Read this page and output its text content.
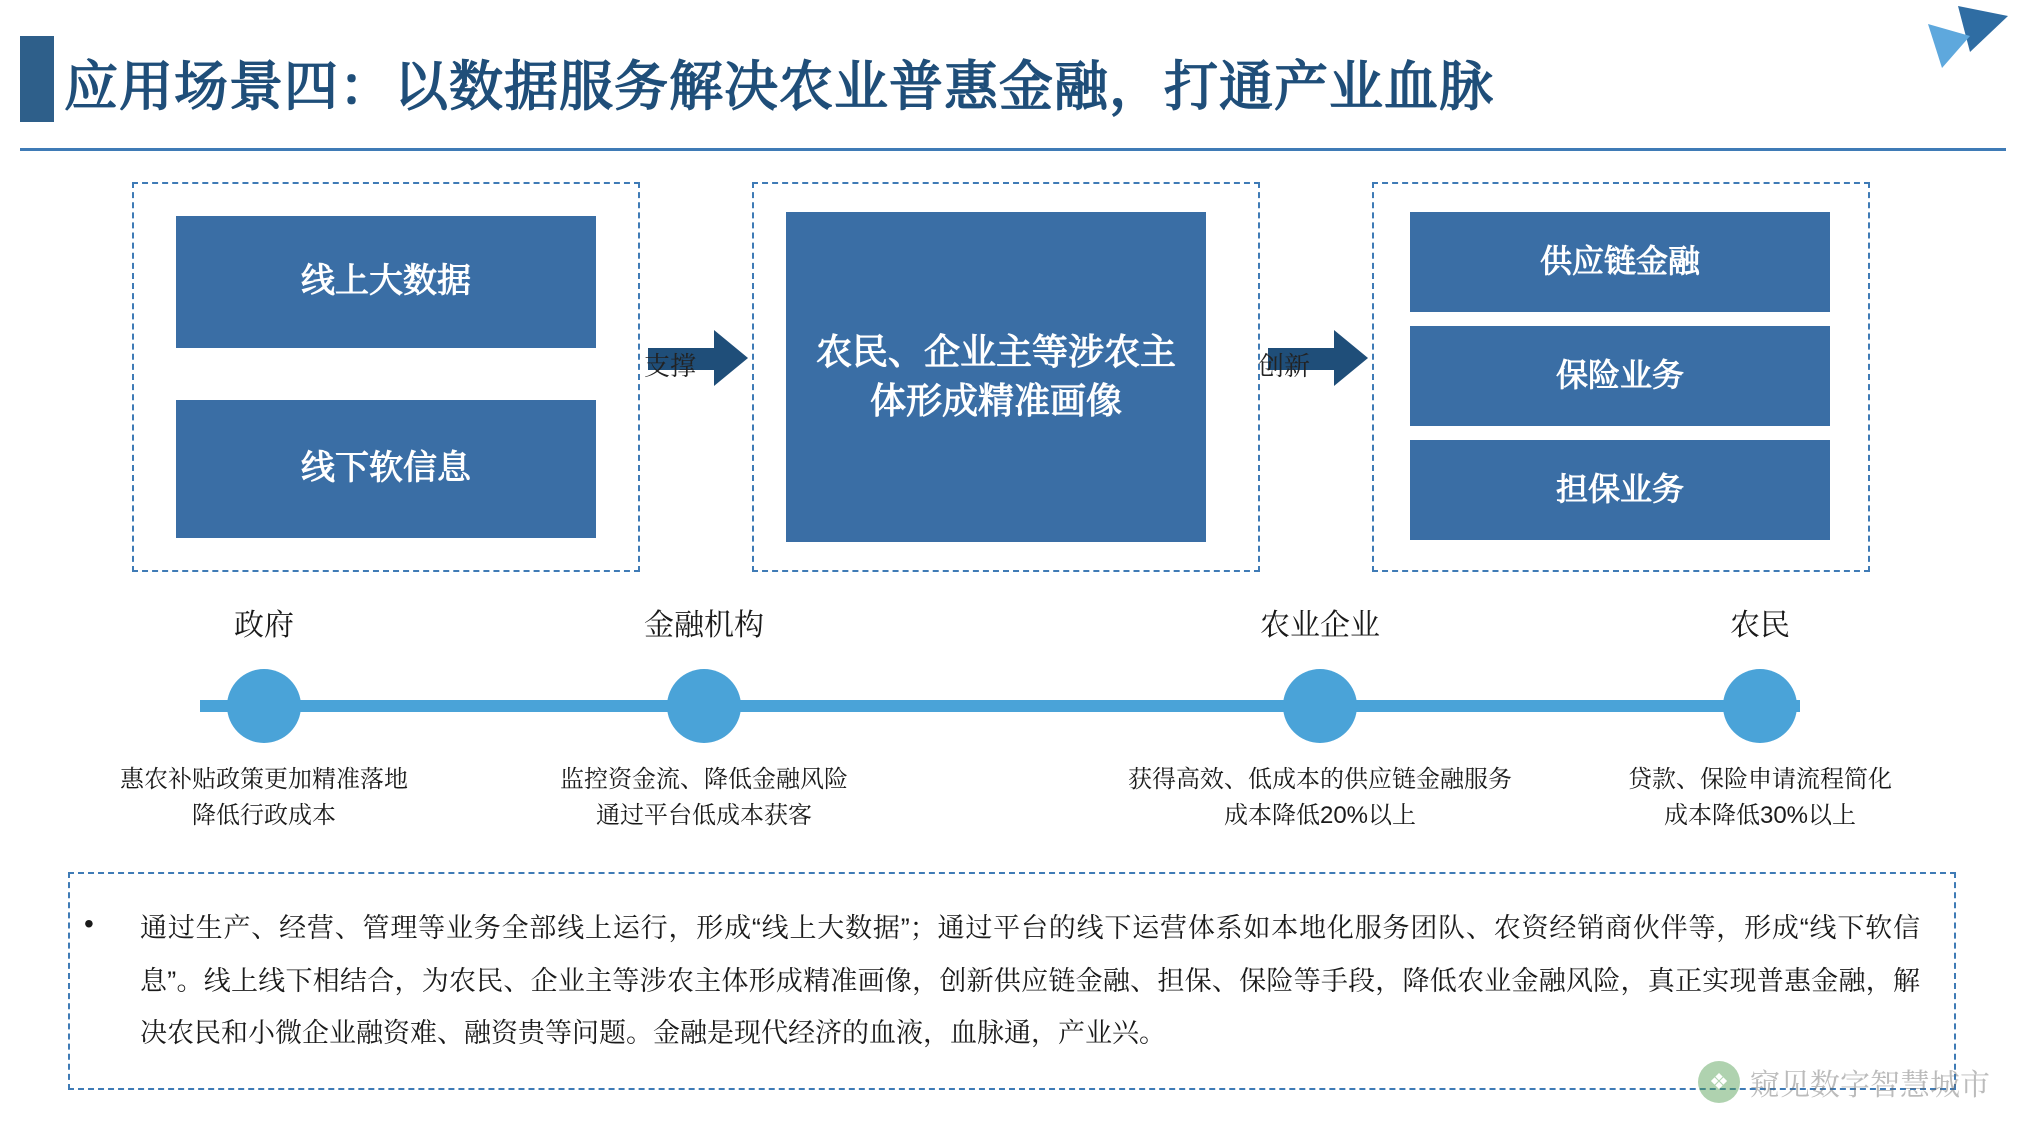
应用场景四：以数据服务解决农业普惠金融，打通产业血脉
线上大数据
线下软信息
支撑	农民、企业主等涉农主体形成精准画像
创新
供应链金融
保险业务
担保业务
政府	金融机构	农业企业	农民
惠农补贴政策更加精准落地
降低行政成本
监控资金流、降低金融风险
通过平台低成本获客
获得高效、低成本的供应链金融服务
成本降低20%以上
贷款、保险申请流程简化
成本降低30%以上
• 通过生产、经营、管理等业务全部线上运行，形成“线上大数据”；通过平台的线下运营体系如本地化服务团队、农资经销商伙伴等，形成“线下软信息”。线上线下相结合，为农民、企业主等涉农主体形成精准画像，创新供应链金融、担保、保险等手段，降低农业金融风险，真正实现普惠金融，解决农民和小微企业融资难、融资贵等问题。金融是现代经济的血液，血脉通，产业兴。
❖ 窥见数字智慧城市
